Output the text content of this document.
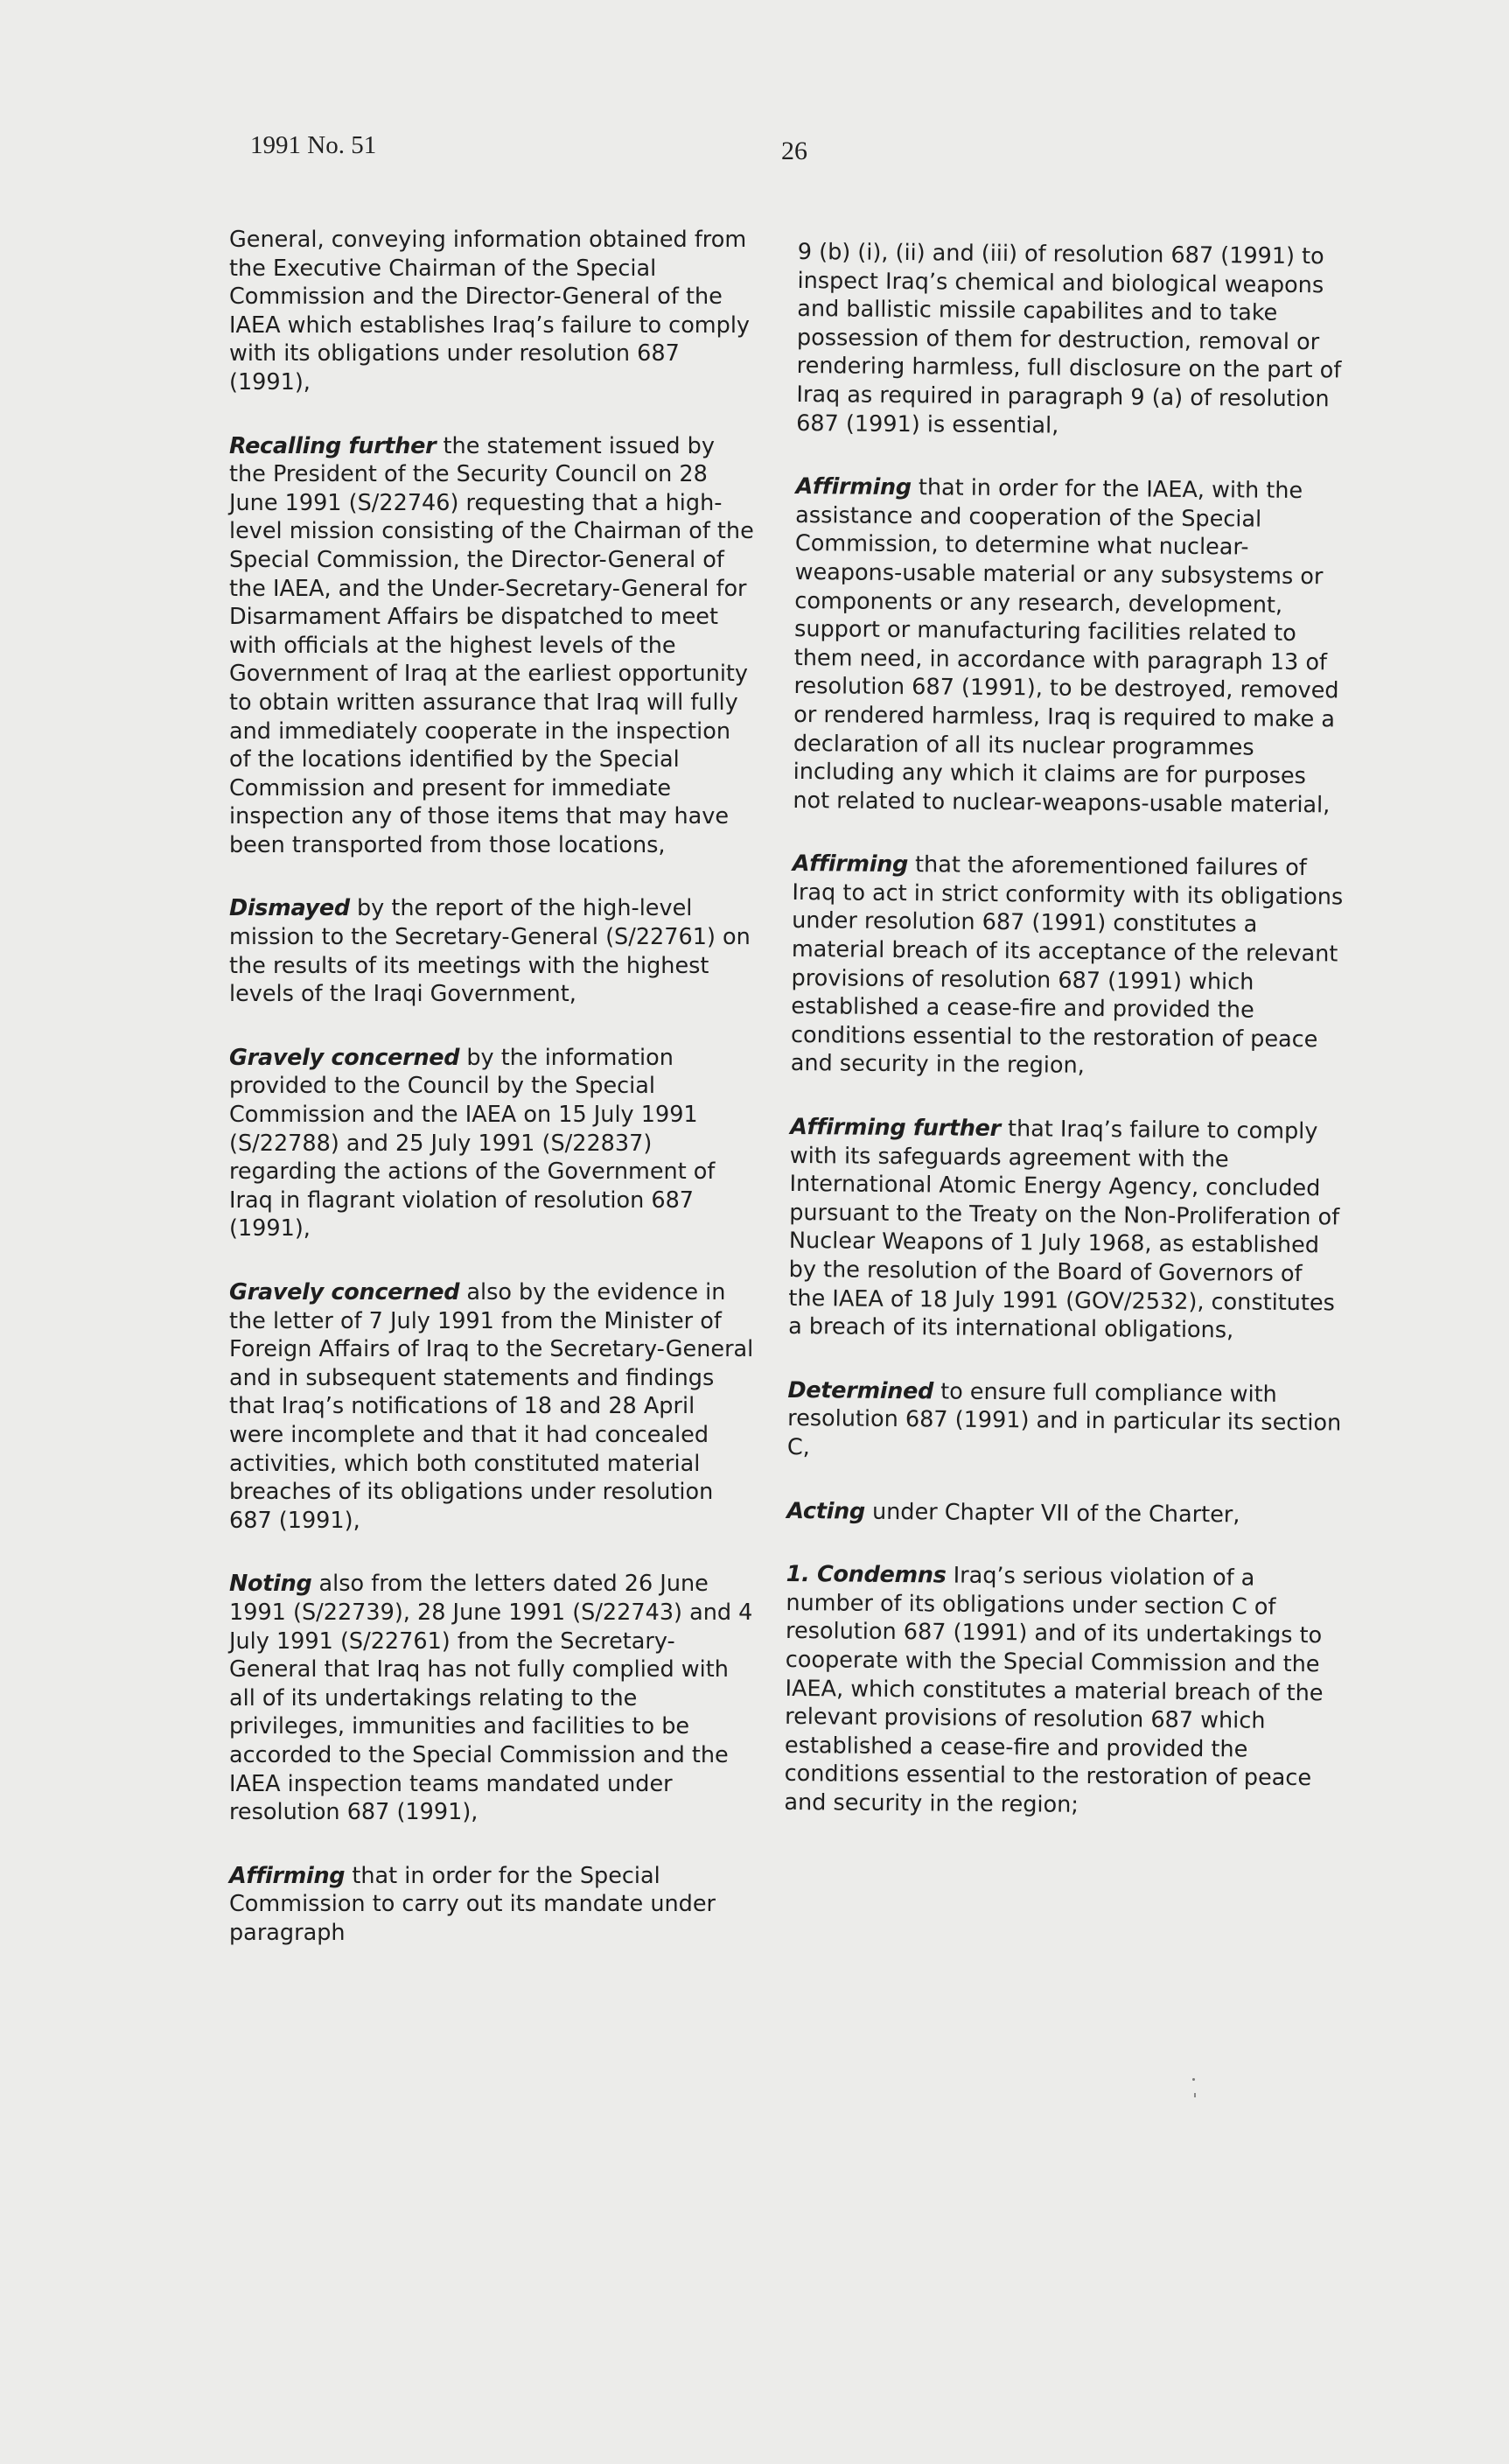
1991 No. 51	26

General, conveying information obtained from the Executive Chairman of the Special Commission and the Director-General of the IAEA which establishes Iraq’s failure to comply with its obligations under resolution 687 (1991),

Recalling further the statement issued by the President of the Security Council on 28 June 1991 (S/22746) requesting that a high-level mission consisting of the Chairman of the Special Commission, the Director-General of the IAEA, and the Under-Secretary-General for Disarmament Affairs be dispatched to meet with officials at the highest levels of the Government of Iraq at the earliest opportunity to obtain written assurance that Iraq will fully and immediately cooperate in the inspection of the locations identified by the Special Commission and present for immediate inspection any of those items that may have been transported from those locations,

Dismayed by the report of the high-level mission to the Secretary-General (S/22761) on the results of its meetings with the highest levels of the Iraqi Government,

Gravely concerned by the information provided to the Council by the Special Commission and the IAEA on 15 July 1991 (S/22788) and 25 July 1991 (S/22837) regarding the actions of the Government of Iraq in flagrant violation of resolution 687 (1991),

Gravely concerned also by the evidence in the letter of 7 July 1991 from the Minister of Foreign Affairs of Iraq to the Secretary-General and in subsequent statements and findings that Iraq’s notifications of 18 and 28 April were incomplete and that it had concealed activities, which both constituted material breaches of its obligations under resolution 687 (1991),

Noting also from the letters dated 26 June 1991 (S/22739), 28 June 1991 (S/22743) and 4 July 1991 (S/22761) from the Secretary-General that Iraq has not fully complied with all of its undertakings relating to the privileges, immunities and facilities to be accorded to the Special Commission and the IAEA inspection teams mandated under resolution 687 (1991),

Affirming that in order for the Special Commission to carry out its mandate under paragraph

9 (b) (i), (ii) and (iii) of resolution 687 (1991) to inspect Iraq’s chemical and biological weapons and ballistic missile capabilites and to take possession of them for destruction, removal or rendering harmless, full disclosure on the part of Iraq as required in paragraph 9 (a) of resolution 687 (1991) is essential,

Affirming that in order for the IAEA, with the assistance and cooperation of the Special Commission, to determine what nuclear-weapons-usable material or any subsystems or components or any research, development, support or manufacturing facilities related to them need, in accordance with paragraph 13 of resolution 687 (1991), to be destroyed, removed or rendered harmless, Iraq is required to make a declaration of all its nuclear programmes including any which it claims are for purposes not related to nuclear-weapons-usable material,

Affirming that the aforementioned failures of Iraq to act in strict conformity with its obligations under resolution 687 (1991) constitutes a material breach of its acceptance of the relevant provisions of resolution 687 (1991) which established a cease-fire and provided the conditions essential to the restoration of peace and security in the region,

Affirming further that Iraq’s failure to comply with its safeguards agreement with the International Atomic Energy Agency, concluded pursuant to the Treaty on the Non-Proliferation of Nuclear Weapons of 1 July 1968, as established by the resolution of the Board of Governors of the IAEA of 18 July 1991 (GOV/2532), constitutes a breach of its international obligations,

Determined to ensure full compliance with resolution 687 (1991) and in particular its section C,

Acting under Chapter VII of the Charter,

1. Condemns Iraq’s serious violation of a number of its obligations under section C of resolution 687 (1991) and of its undertakings to cooperate with the Special Commission and the IAEA, which constitutes a material breach of the relevant provisions of resolution 687 which established a cease-fire and provided the conditions essential to the restoration of peace and security in the region;
